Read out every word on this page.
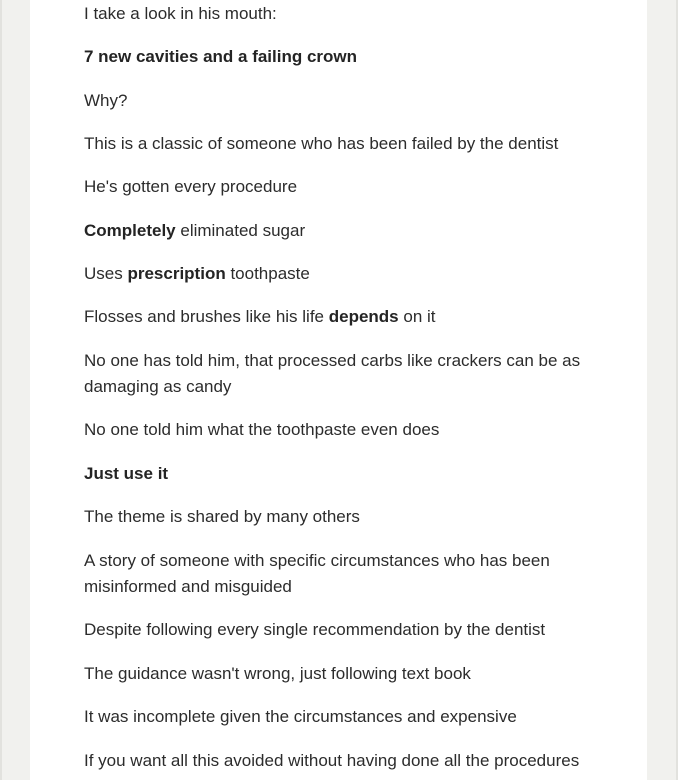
I take a look in his mouth:

7 new cavities and a failing crown

Why?

This is a classic of someone who has been failed by the dentist

He's gotten every procedure

Completely eliminated sugar

Uses prescription toothpaste

Flosses and brushes like his life depends on it

No one has told him, that processed carbs like crackers can be as damaging as candy

No one told him what the toothpaste even does

Just use it

The theme is shared by many others

A story of someone with specific circumstances who has been misinformed and misguided

Despite following every single recommendation by the dentist

The guidance wasn't wrong, just following text book

It was incomplete given the circumstances and expensive

If you want all this avoided without having done all the procedures
